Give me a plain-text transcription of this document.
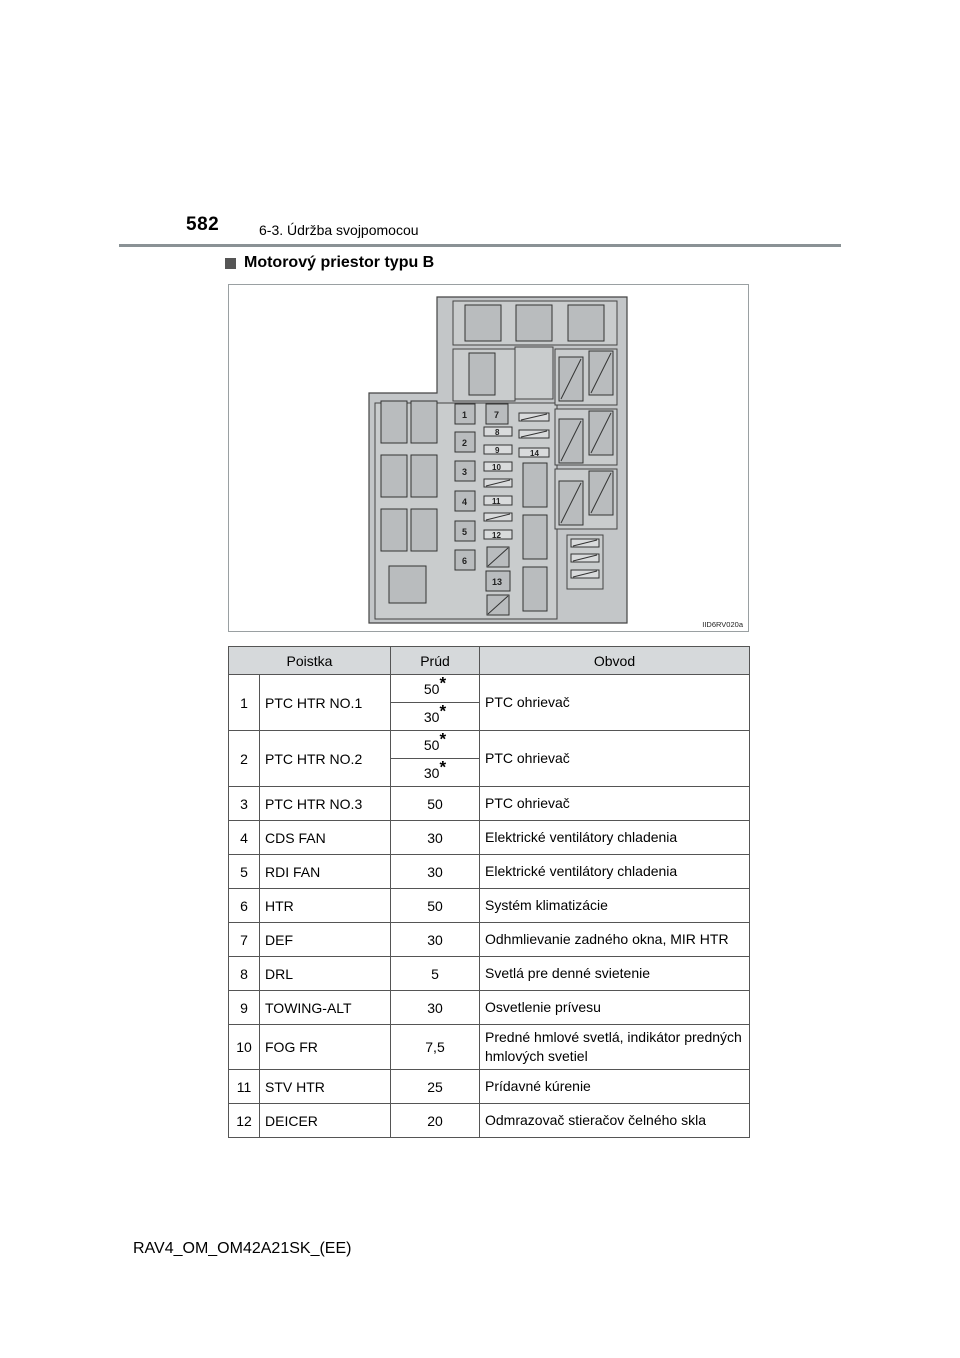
582	6-3. Údržba svojpomocou
Motorový priestor typu B
1
2
3
4
5
6
7
13
8
9
10
11
12
14
IID6RV020a
Poistka		Prúd	Obvod
1	PTC HTR NO.1	50*	PTC ohrievač
		30*
2	PTC HTR NO.2	50*	PTC ohrievač
		30*
3	PTC HTR NO.3	50	PTC ohrievač
4	CDS FAN	30	Elektrické ventilátory chladenia
5	RDI FAN	30	Elektrické ventilátory chladenia
6	HTR	50	Systém klimatizácie
7	DEF	30	Odhmlievanie zadného okna, MIR HTR
8	DRL	5	Svetlá pre denné svietenie
9	TOWING-ALT	30	Osvetlenie prívesu
10	FOG FR	7,5	Predné hmlové svetlá, indikátor predných hmlových svetiel
11	STV HTR	25	Prídavné kúrenie
12	DEICER	20	Odmrazovač stieračov čelného skla
RAV4_OM_OM42A21SK_(EE)
